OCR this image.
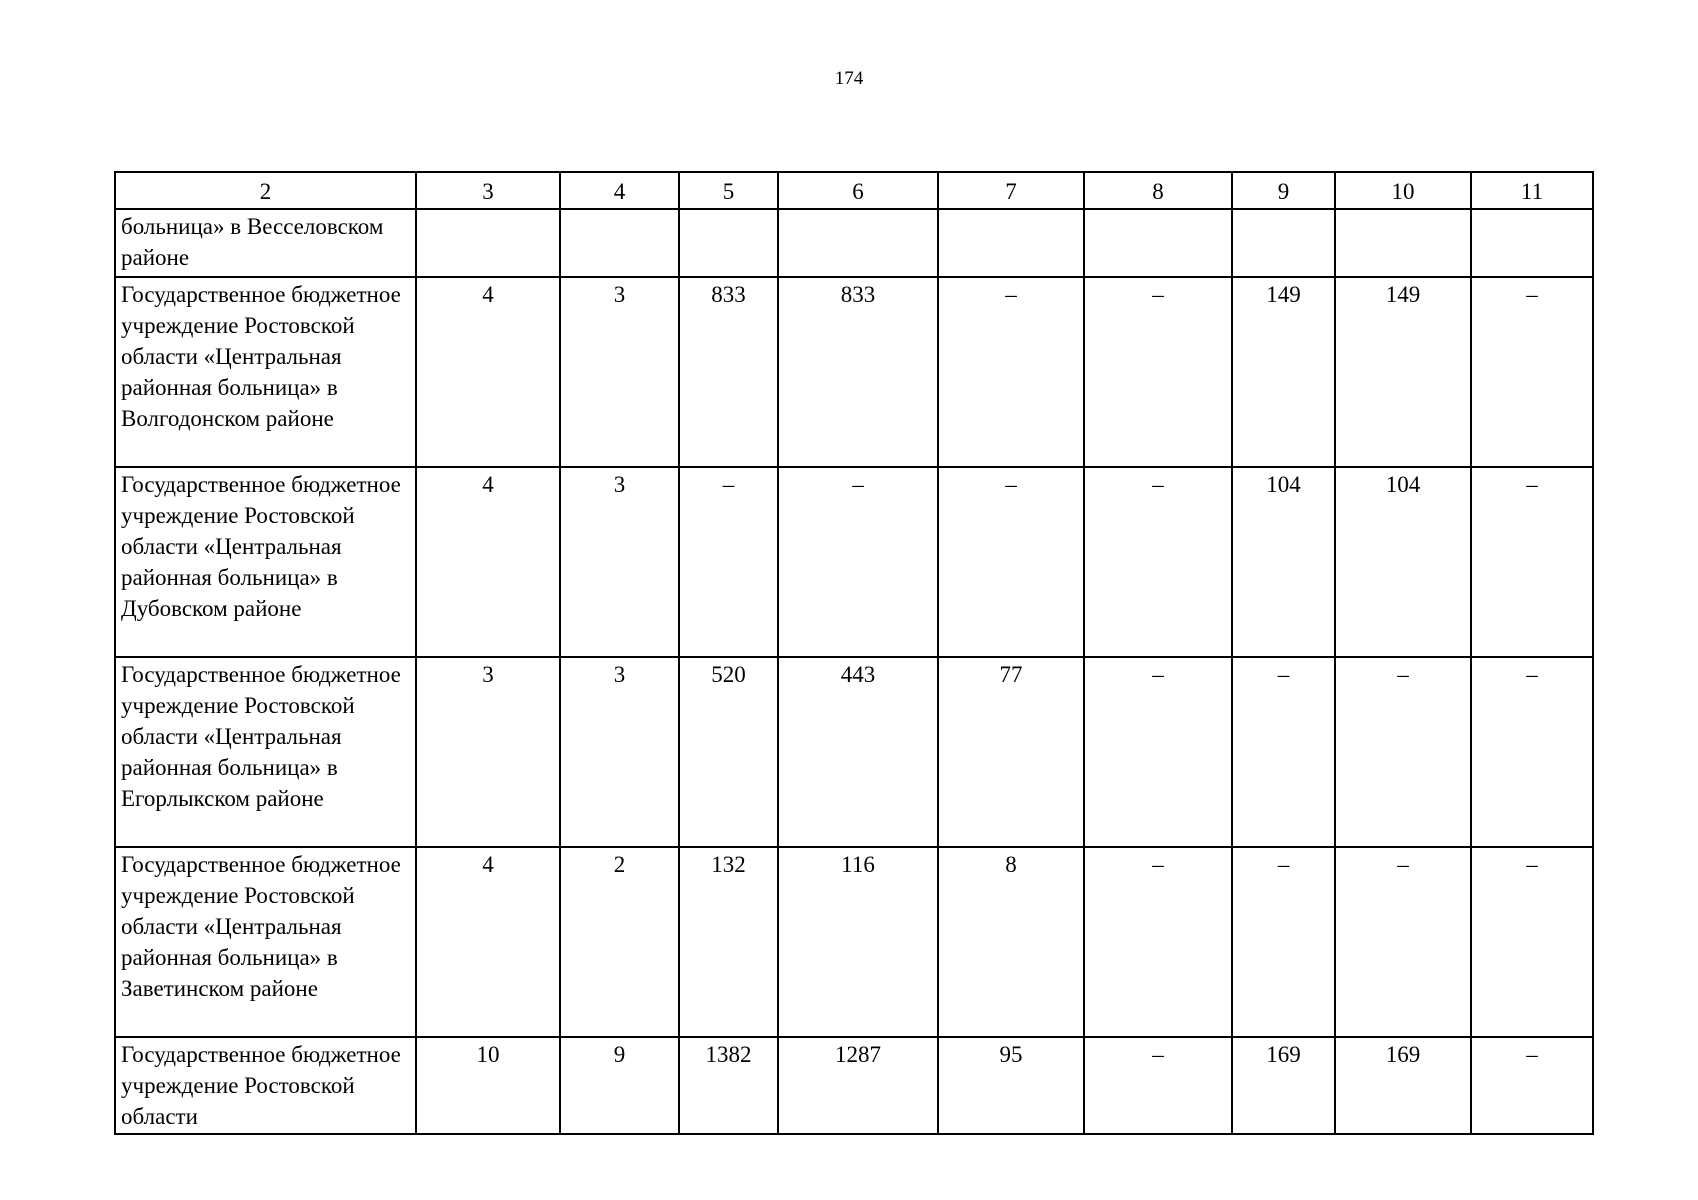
174
2	3	4	5	6	7	8	9	10	11
больница» в Весселовском районе									
Государственное бюджетное учреждение Ростовской области «Центральная районная больница» в Волгодонском районе	4	3	833	833	–	–	149	149	–
Государственное бюджетное учреждение Ростовской области «Центральная районная больница» в Дубовском районе	4	3	–	–	–	–	104	104	–
Государственное бюджетное учреждение Ростовской области «Центральная районная больница» в Егорлыкском районе	3	3	520	443	77	–	–	–	–
Государственное бюджетное учреждение Ростовской области «Центральная районная больница» в Заветинском районе	4	2	132	116	8	–	–	–	–
Государственное бюджетное учреждение Ростовской области	10	9	1382	1287	95	–	169	169	–
